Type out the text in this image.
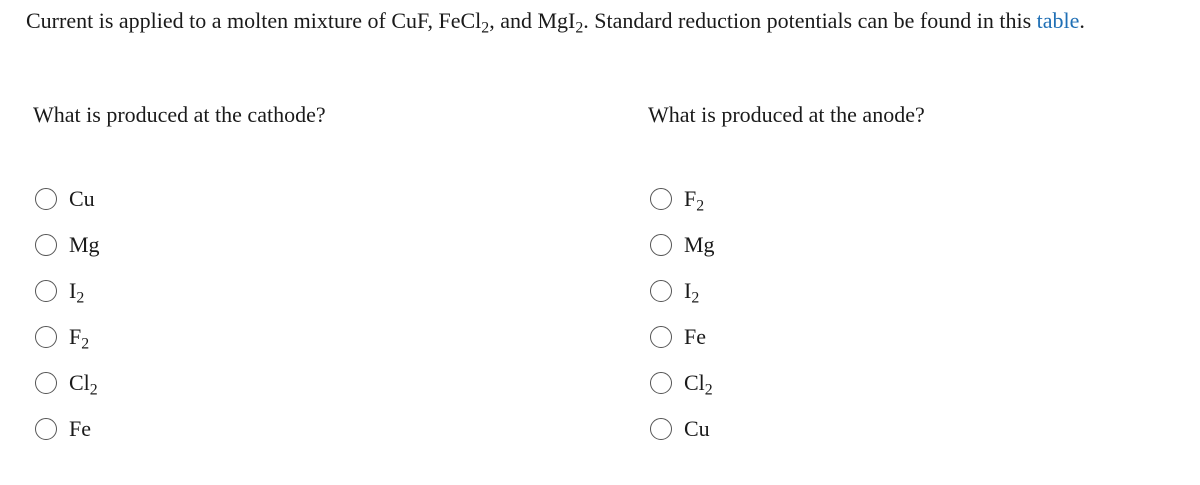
Current is applied to a molten mixture of CuF, FeCl$_2$, and MgI$_2$. Standard reduction potentials can be found in this table.
What is produced at the cathode?	What is produced at the anode?
Cu
Mg
$I_2$
$F_2$
$Cl_2$
Fe
$F_2$
Mg
$I_2$
Fe
$Cl_2$
Cu
